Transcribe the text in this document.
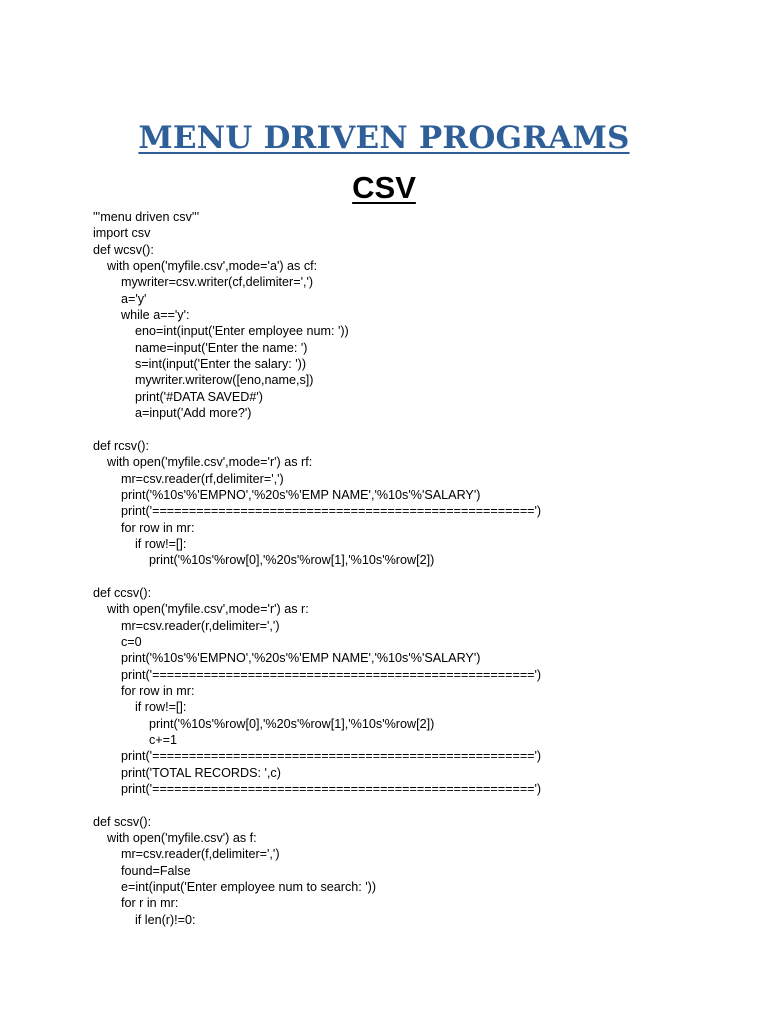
MENU DRIVEN PROGRAMS
CSV
'''menu driven csv'''
import csv
def wcsv():
with open('myfile.csv',mode='a') as cf:
mywriter=csv.writer(cf,delimiter=',')
a='y'
while a=='y':
eno=int(input('Enter employee num: '))
name=input('Enter the name: ')
s=int(input('Enter the salary: '))
mywriter.writerow([eno,name,s])
print('#DATA SAVED#')
a=input('Add more?')
def rcsv():
with open('myfile.csv',mode='r') as rf:
mr=csv.reader(rf,delimiter=',')
print('%10s'%'EMPNO','%20s'%'EMP NAME','%10s'%'SALARY')
print('====================================================')
for row in mr:
if row!=[]:
print('%10s'%row[0],'%20s'%row[1],'%10s'%row[2])
def ccsv():
with open('myfile.csv',mode='r') as r:
mr=csv.reader(r,delimiter=',')
c=0
print('%10s'%'EMPNO','%20s'%'EMP NAME','%10s'%'SALARY')
print('====================================================')
for row in mr:
if row!=[]:
print('%10s'%row[0],'%20s'%row[1],'%10s'%row[2])
c+=1
print('====================================================')
print('TOTAL RECORDS: ',c)
print('====================================================')
def scsv():
with open('myfile.csv') as f:
mr=csv.reader(f,delimiter=',')
found=False
e=int(input('Enter employee num to search: '))
for r in mr:
if len(r)!=0:
